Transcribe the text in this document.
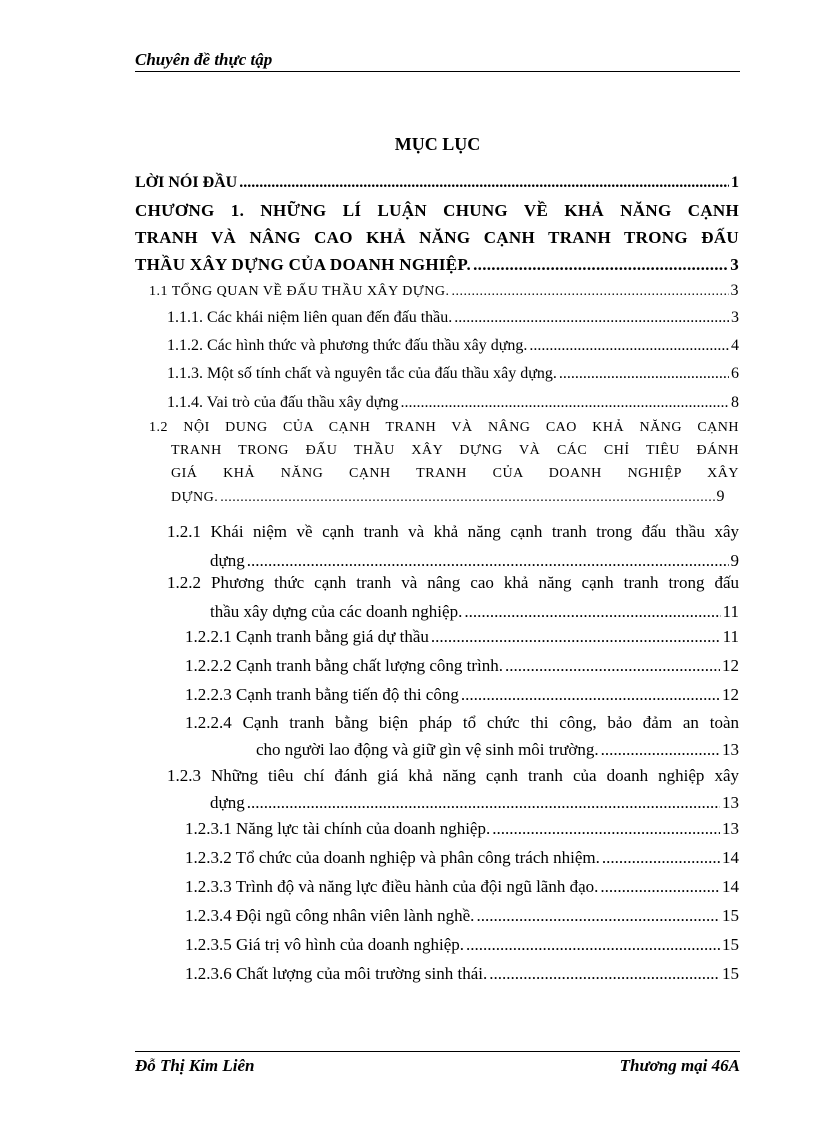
Chuyên đề thực tập
MỤC LỤC
LỜI NÓI ĐẦU .....	1
CHƯƠNG 1. NHỮNG LÍ LUẬN CHUNG VỀ KHẢ NĂNG CẠNH
TRANH VÀ NÂNG CAO KHẢ NĂNG CẠNH TRANH TRONG ĐẤU
THẦU XÂY DỰNG CỦA DOANH NGHIỆP. .....	3
1.1 TỔNG QUAN VỀ ĐẤU THẦU XÂY DỰNG. .....	3
1.1.1. Các khái niệm liên quan đến đấu thầu. .....	3
1.1.2. Các hình thức và phương thức đấu thầu xây dựng. .....	4
1.1.3. Một số tính chất và nguyên tắc của đấu thầu xây dựng. .....	6
1.1.4. Vai trò của đấu thầu xây dựng .....	8
1.2 NỘI DUNG CỦA CẠNH TRANH VÀ NÂNG CAO KHẢ NĂNG CẠNH
TRANH TRONG ĐẤU THẦU XÂY DỰNG VÀ CÁC CHỈ TIÊU ĐÁNH
GIÁ KHẢ NĂNG CẠNH TRANH CỦA DOANH NGHIỆP XÂY
DỰNG. .....	9
1.2.1 Khái niệm về cạnh tranh và khả năng cạnh tranh trong đấu thầu xây
dựng .....	9
1.2.2 Phương thức cạnh tranh và nâng cao khả năng cạnh tranh trong đấu
thầu xây dựng của các doanh nghiệp. .....	11
1.2.2.1 Cạnh tranh bằng giá dự thầu .....	11
1.2.2.2 Cạnh tranh bằng chất lượng công trình. .....	12
1.2.2.3 Cạnh tranh bằng tiến độ thi công .....	12
1.2.2.4 Cạnh tranh bằng biện pháp tổ chức thi công, bảo đảm an toàn
cho người lao động và giữ gìn vệ sinh môi trường. .....	13
1.2.3 Những tiêu chí đánh giá khả năng cạnh tranh của doanh nghiệp xây
dựng .....	13
1.2.3.1 Năng lực tài chính của doanh nghiệp. .....	13
1.2.3.2 Tổ chức của doanh nghiệp và phân công trách nhiệm. .....	14
1.2.3.3 Trình độ và năng lực điều hành của đội ngũ lãnh đạo. .....	14
1.2.3.4 Đội ngũ công nhân viên lành nghề. .....	15
1.2.3.5 Giá trị vô hình của doanh nghiệp. .....	15
1.2.3.6 Chất lượng của môi trường sinh thái. .....	15
Đỗ Thị Kim Liên	Thương mại 46A
